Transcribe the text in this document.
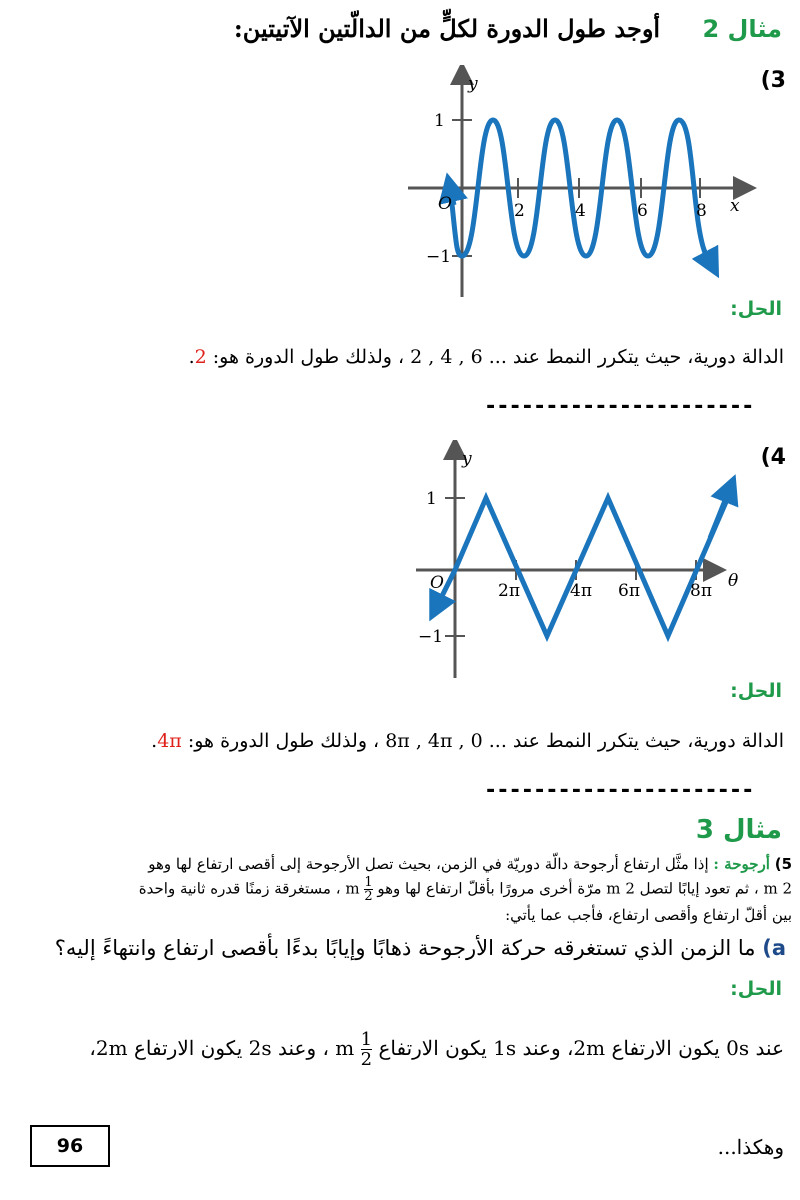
مثال 2 أوجد طول الدورة لكلٍّ من الدالّتين الآتيتين:
(3
y
x
O
1
−1
2	4	6	8
الحل:
الدالة دورية، حيث يتكرر النمط عند ... 6 , 4 , 2 ، ولذلك طول الدورة هو: 2.
----------------------
(4
y
θ
O
1
−1
2π	4π 6π	8π
الحل:
الدالة دورية، حيث يتكرر النمط عند ... 8π , 4π , 0 ، ولذلك طول الدورة هو: 4π.
----------------------
مثال 3
5) أرجوحة : إذا مثَّل ارتفاع أرجوحة دالّة دوريّة في الزمن، بحيث تصل الأرجوحة إلى أقصى ارتفاع لها وهو
2 m ، ثم تعود إيابًا لتصل 2 m مرّة أخرى مرورًا بأقلّ ارتفاع لها وهو
$\frac{1}{2}$
m ، مستغرقة زمنًا قدره ثانية واحدة
بين أقلّ ارتفاع وأقصى ارتفاع، فأجب عما يأتي:
a) ما الزمن الذي تستغرقه حركة الأرجوحة ذهابًا وإيابًا بدءًا بأقصى ارتفاع وانتهاءً إليه؟
الحل:
عند 0s يكون الارتفاع 2m، وعند 1s يكون الارتفاع
$\frac{1}{2}$
m ، وعند 2s يكون الارتفاع 2m،
وهكذا...
96
